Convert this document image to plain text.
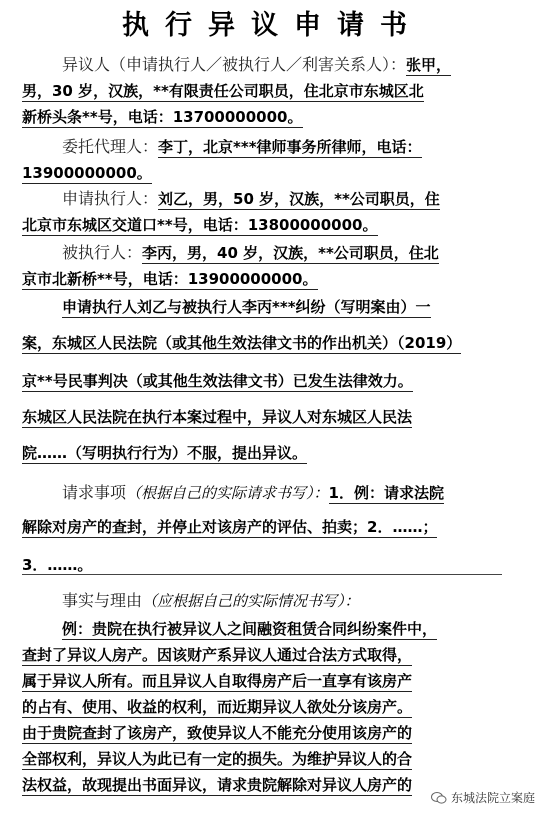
执行异议申请书
异议人（申请执行人／被执行人／利害关系人）：张甲，
男，30 岁，汉族，**有限责任公司职员，住北京市东城区北
新桥头条**号，电话：13700000000。
委托代理人：李丁，北京***律师事务所律师，电话：
13900000000。
申请执行人：刘乙，男，50 岁，汉族，**公司职员，住
北京市东城区交道口**号，电话：13800000000。
被执行人：李丙，男，40 岁，汉族，**公司职员，住北
京市北新桥**号，电话：13900000000。
申请执行人刘乙与被执行人李丙***纠纷（写明案由）一
案，东城区人民法院（或其他生效法律文书的作出机关）（2019）
京**号民事判决（或其他生效法律文书）已发生法律效力。
东城区人民法院在执行本案过程中，异议人对东城区人民法
院……（写明执行行为）不服，提出异议。
请求事项（根据自己的实际请求书写）：1．例：请求法院
解除对房产的查封，并停止对该房产的评估、拍卖；2．……；
3．……。
事实与理由（应根据自己的实际情况书写）：
例：贵院在执行被异议人之间融资租赁合同纠纷案件中，
查封了异议人房产。因该财产系异议人通过合法方式取得，
属于异议人所有。而且异议人自取得房产后一直享有该房产
的占有、使用、收益的权利，而近期异议人欲处分该房产。
由于贵院查封了该房产，致使异议人不能充分使用该房产的
全部权利，异议人为此已有一定的损失。为维护异议人的合
法权益，故现提出书面异议，请求贵院解除对异议人房产的
东城法院立案庭
